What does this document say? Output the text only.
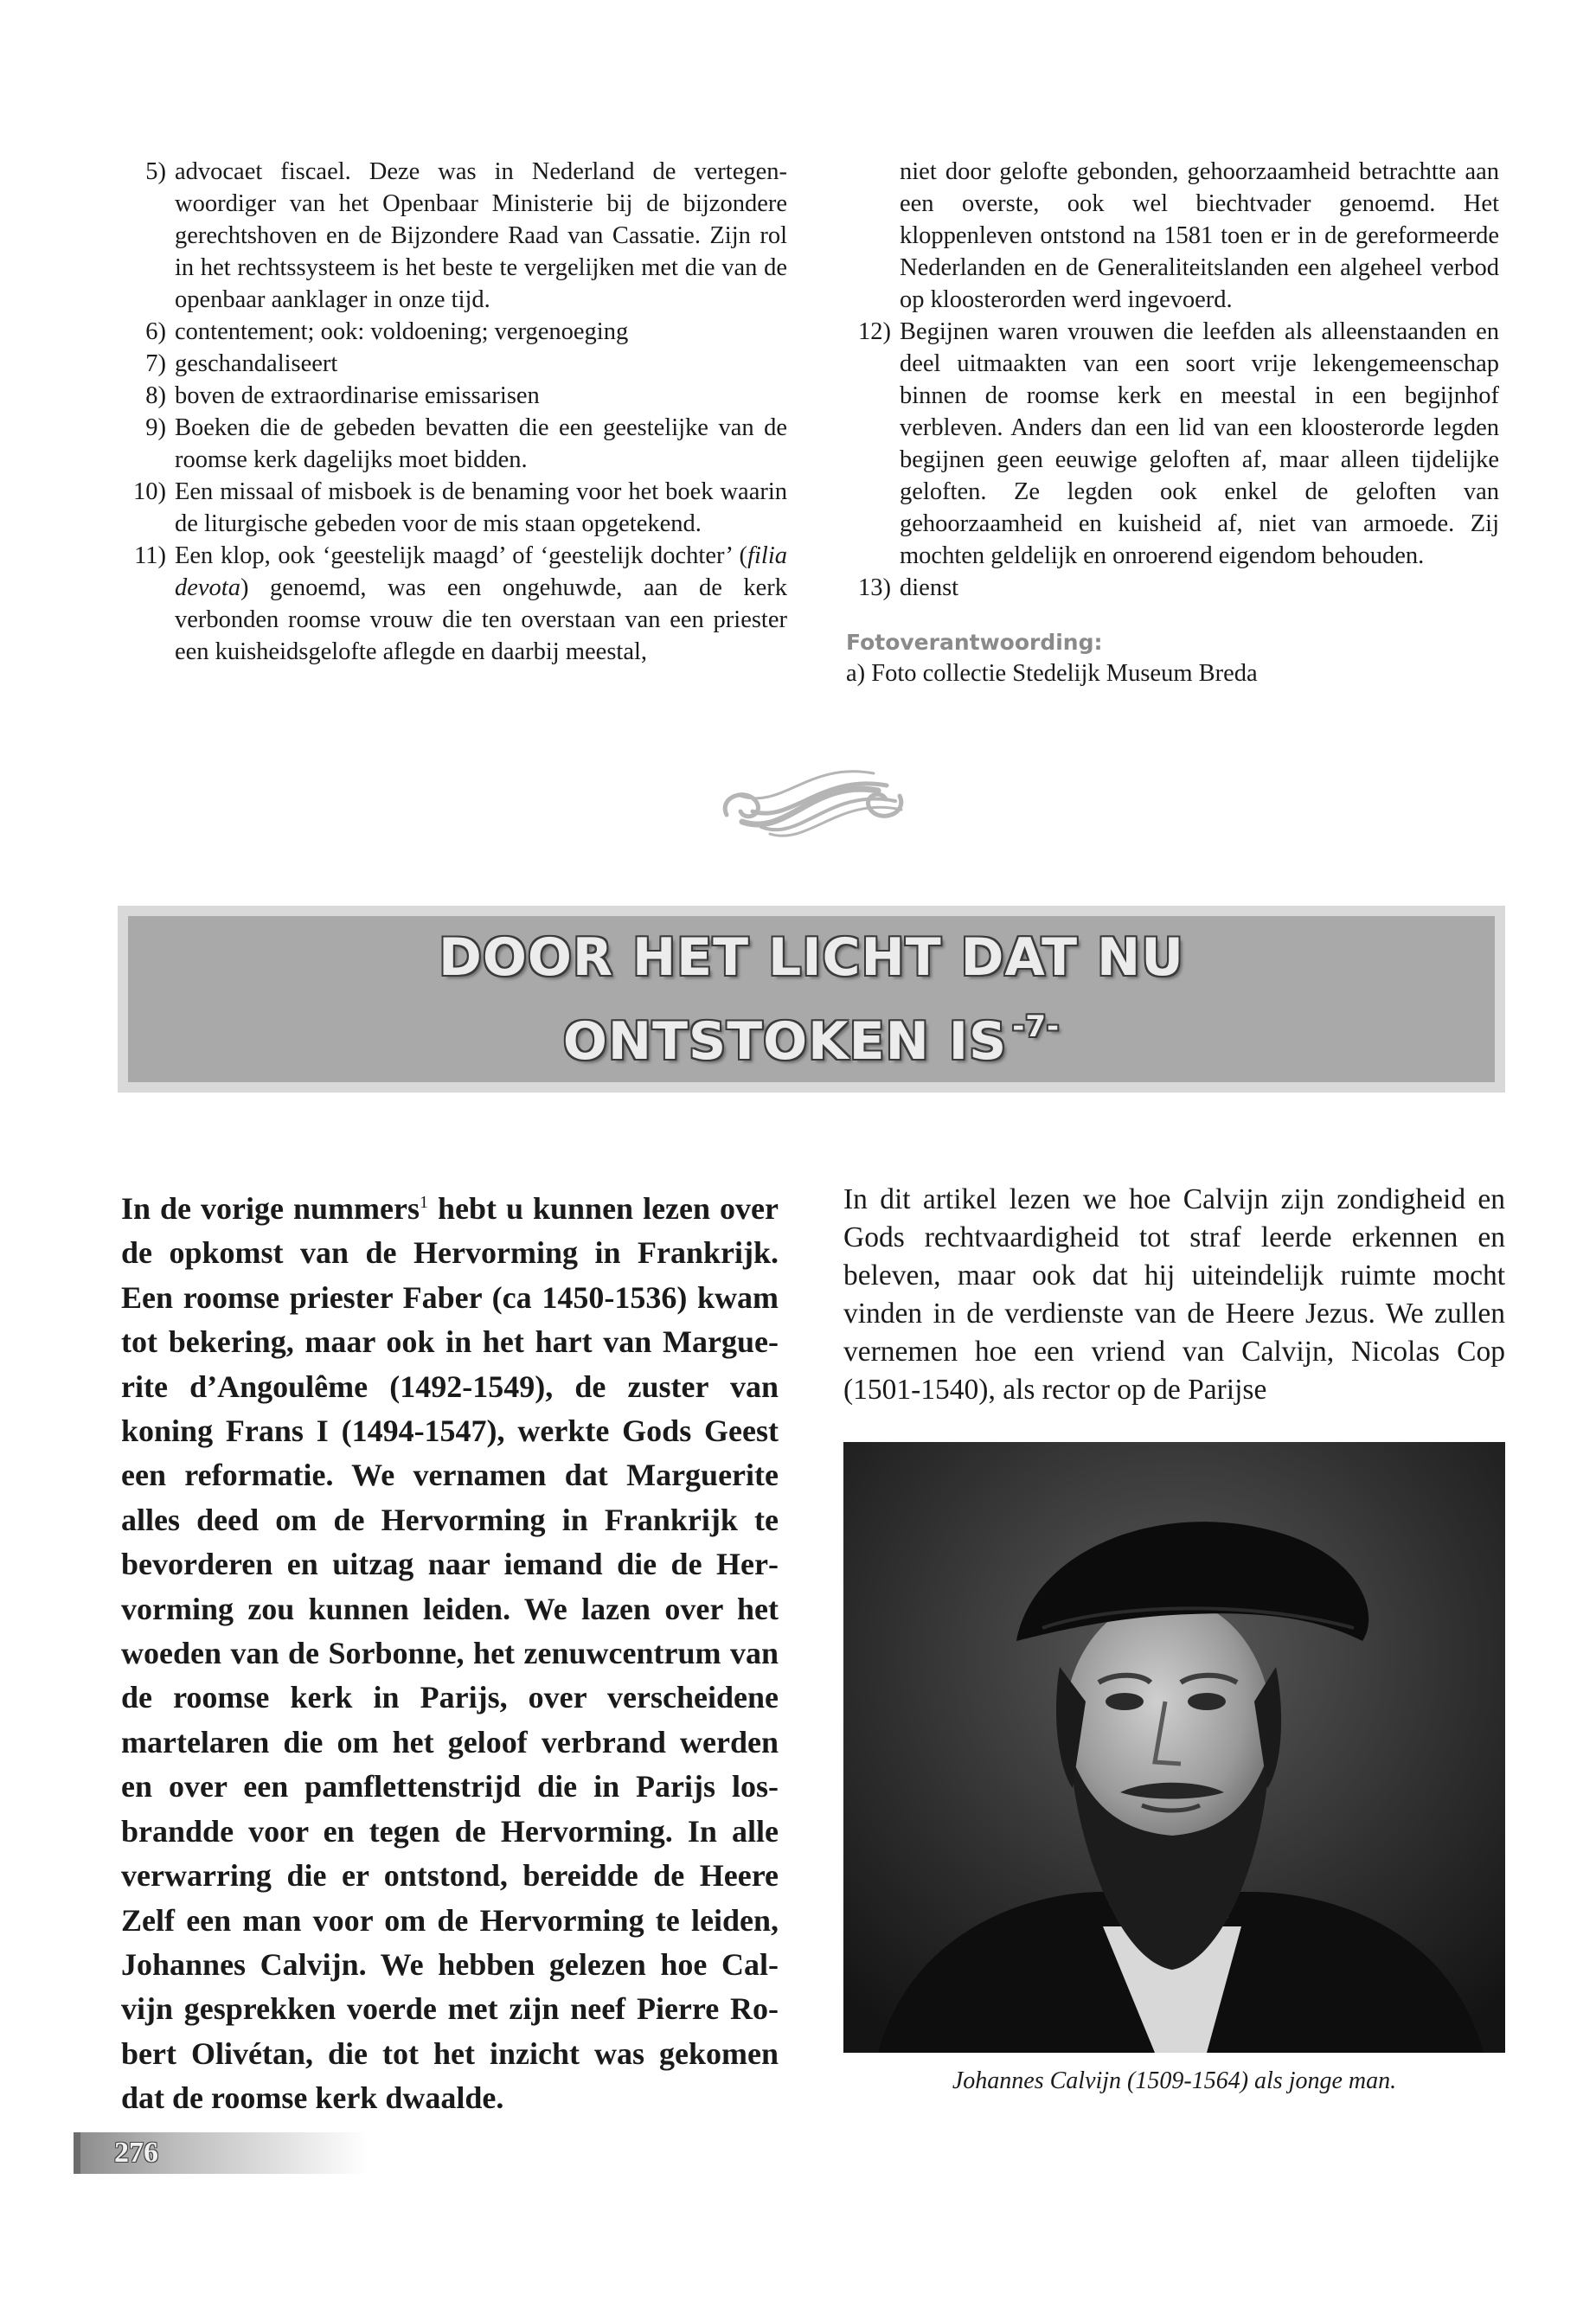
5) advocaet fiscael. Deze was in Nederland de vertegenwoordiger van het Openbaar Ministerie bij de bijzondere gerechtshoven en de Bijzondere Raad van Cassatie. Zijn rol in het rechtssysteem is het beste te vergelijken met die van de openbaar aanklager in onze tijd.
6) contentement; ook: voldoening; vergenoeging
7) geschandaliseert
8) boven de extraordinarise emissarisen
9) Boeken die de gebeden bevatten die een geestelijke van de roomse kerk dagelijks moet bidden.
10) Een missaal of misboek is de benaming voor het boek waarin de liturgische gebeden voor de mis staan opgetekend.
11) Een klop, ook ‘geestelijk maagd’ of ‘geestelijk dochter’ (filia devota) genoemd, was een ongehuwde, aan de kerk verbonden roomse vrouw die ten overstaan van een priester een kuisheidsgelofte aflegde en daarbij meestal,
niet door gelofte gebonden, gehoorzaamheid betrachtte aan een overste, ook wel biechtvader genoemd. Het kloppenleven ontstond na 1581 toen er in de gereformeerde Nederlanden en de Generaliteitslanden een algeheel verbod op kloosterorden werd ingevoerd.
12) Begijnen waren vrouwen die leefden als alleenstaanden en deel uitmaakten van een soort vrije lekengemeenschap binnen de roomse kerk en meestal in een begijnhof verbleven. Anders dan een lid van een kloosterorde legden begijnen geen eeuwige geloften af, maar alleen tijdelijke geloften. Ze legden ook enkel de geloften van gehoorzaamheid en kuisheid af, niet van armoede. Zij mochten geldelijk en onroerend eigendom behouden.
13) dienst
Fotoverantwoording:
a) Foto collectie Stedelijk Museum Breda
DOOR HET LICHT DAT NU
ONTSTOKEN IS $^{-7-}$
In de vorige nummers$^1$ hebt u kunnen lezen over de opkomst van de Hervorming in Frankrijk. Een roomse priester Faber (ca 1450-1536) kwam tot bekering, maar ook in het hart van Marguerite d’Angoulême (1492-1549), de zuster van koning Frans I (1494-1547), werkte Gods Geest een reformatie. We vernamen dat Marguerite alles deed om de Hervorming in Frankrijk te bevorderen en uitzag naar iemand die de Hervorming zou kunnen leiden. We lazen over het woeden van de Sorbonne, het zenuwcentrum van de roomse kerk in Parijs, over verscheidene martelaren die om het geloof verbrand werden en over een pamflettenstrijd die in Parijs losbrandde voor en tegen de Hervorming. In alle verwarring die er ontstond, bereidde de Heere Zelf een man voor om de Hervorming te leiden, Johannes Calvijn. We hebben gelezen hoe Calvijn gesprekken voerde met zijn neef Pierre Robert Olivétan, die tot het inzicht was gekomen dat de roomse kerk dwaalde.
In dit artikel lezen we hoe Calvijn zijn zondigheid en Gods rechtvaardigheid tot straf leerde erkennen en beleven, maar ook dat hij uiteindelijk ruimte mocht vinden in de verdienste van de Heere Jezus. We zullen vernemen hoe een vriend van Calvijn, Nicolas Cop (1501-1540), als rector op de Parijse
Johannes Calvijn (1509-1564) als jonge man.
276
